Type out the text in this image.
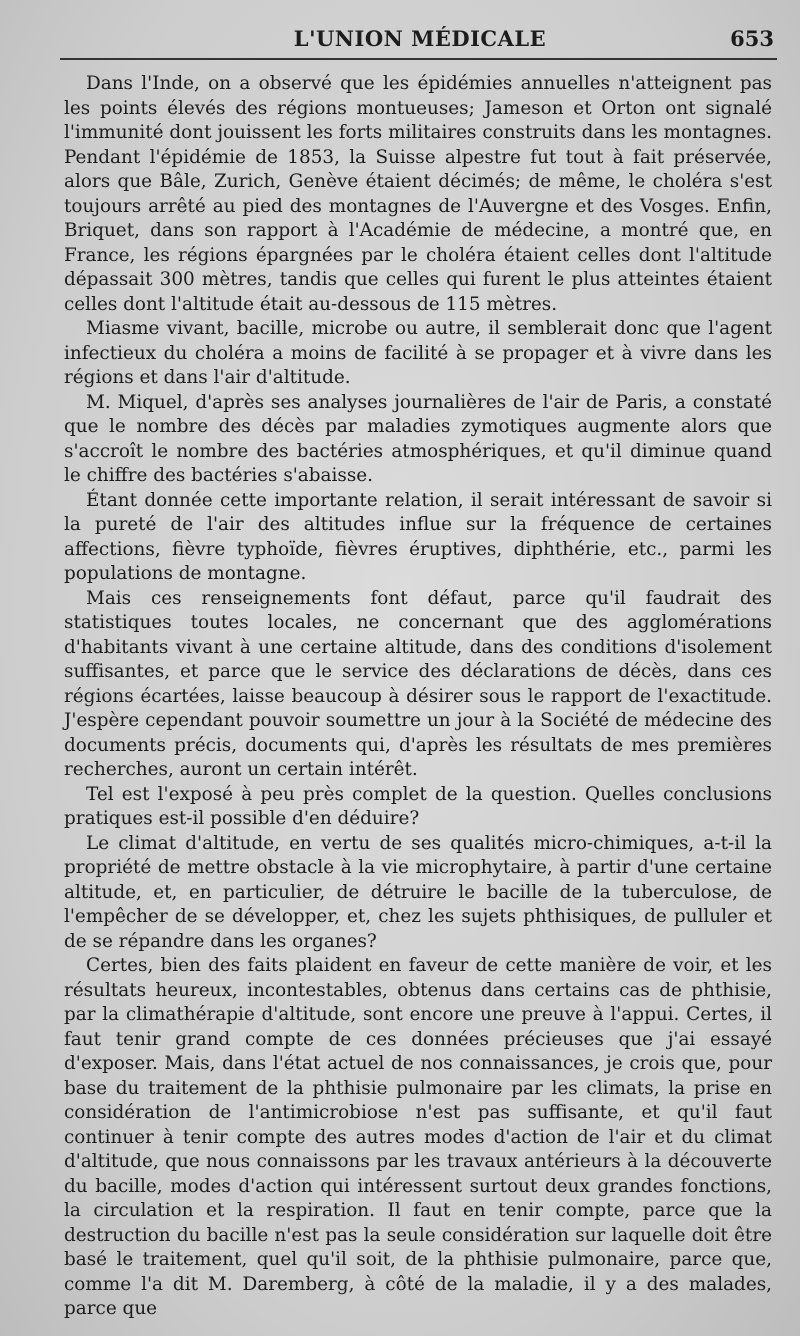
L'UNION MÉDICALE	653

Dans l'Inde, on a observé que les épidémies annuelles n'atteignent pas les points élevés des régions montueuses; Jameson et Orton ont signalé l'immunité dont jouissent les forts militaires construits dans les montagnes. Pendant l'épidémie de 1853, la Suisse alpestre fut tout à fait préservée, alors que Bâle, Zurich, Genève étaient décimés; de même, le choléra s'est toujours arrêté au pied des montagnes de l'Auvergne et des Vosges. Enfin, Briquet, dans son rapport à l'Académie de médecine, a montré que, en France, les régions épargnées par le choléra étaient celles dont l'altitude dépassait 300 mètres, tandis que celles qui furent le plus atteintes étaient celles dont l'altitude était au-dessous de 115 mètres.

Miasme vivant, bacille, microbe ou autre, il semblerait donc que l'agent infectieux du choléra a moins de facilité à se propager et à vivre dans les régions et dans l'air d'altitude.

M. Miquel, d'après ses analyses journalières de l'air de Paris, a constaté que le nombre des décès par maladies zymotiques augmente alors que s'accroît le nombre des bactéries atmosphériques, et qu'il diminue quand le chiffre des bactéries s'abaisse.

Étant donnée cette importante relation, il serait intéressant de savoir si la pureté de l'air des altitudes influe sur la fréquence de certaines affections, fièvre typhoïde, fièvres éruptives, diphthérie, etc., parmi les populations de montagne.

Mais ces renseignements font défaut, parce qu'il faudrait des statistiques toutes locales, ne concernant que des agglomérations d'habitants vivant à une certaine altitude, dans des conditions d'isolement suffisantes, et parce que le service des déclarations de décès, dans ces régions écartées, laisse beaucoup à désirer sous le rapport de l'exactitude. J'espère cependant pouvoir soumettre un jour à la Société de médecine des documents précis, documents qui, d'après les résultats de mes premières recherches, auront un certain intérêt.

Tel est l'exposé à peu près complet de la question. Quelles conclusions pratiques est-il possible d'en déduire?

Le climat d'altitude, en vertu de ses qualités micro-chimiques, a-t-il la propriété de mettre obstacle à la vie microphytaire, à partir d'une certaine altitude, et, en particulier, de détruire le bacille de la tuberculose, de l'empêcher de se développer, et, chez les sujets phthisiques, de pulluler et de se répandre dans les organes?

Certes, bien des faits plaident en faveur de cette manière de voir, et les résultats heureux, incontestables, obtenus dans certains cas de phthisie, par la climathérapie d'altitude, sont encore une preuve à l'appui. Certes, il faut tenir grand compte de ces données précieuses que j'ai essayé d'exposer. Mais, dans l'état actuel de nos connaissances, je crois que, pour base du traitement de la phthisie pulmonaire par les climats, la prise en considération de l'antimicrobiose n'est pas suffisante, et qu'il faut continuer à tenir compte des autres modes d'action de l'air et du climat d'altitude, que nous connaissons par les travaux antérieurs à la découverte du bacille, modes d'action qui intéressent surtout deux grandes fonctions, la circulation et la respiration. Il faut en tenir compte, parce que la destruction du bacille n'est pas la seule considération sur laquelle doit être basé le traitement, quel qu'il soit, de la phthisie pulmonaire, parce que, comme l'a dit M. Daremberg, à côté de la maladie, il y a des malades, parce que
